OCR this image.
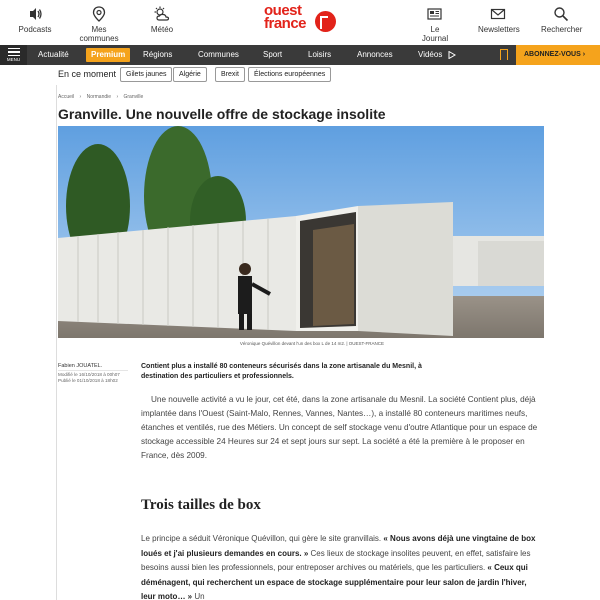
Podcasts	Mes communes
Météo
ouest
france	Le Journal
Newsletters	Rechercher
MENU
Actualité	Premium	Régions	Communes	Sport	Loisirs	Annonces	Vidéos	ABONNEZ-VOUS ›
En ce moment	Gilets jaunes	Algérie	Brexit	Élections européennes
Accueil › Normandie › Granville
Granville. Une nouvelle offre de stockage insolite
Véronique Quévillon devant l'un des box L de 14 m2. | OUEST-FRANCE
Fabien JOUATEL.
Modifié le 16/10/2018 à 00h07
Publié le 01/10/2018 à 18h02

Contient plus a installé 80 conteneurs sécurisés dans la zone artisanale du Mesnil, à destination des particuliers et professionnels.

Une nouvelle activité a vu le jour, cet été, dans la zone artisanale du Mesnil. La société Contient plus, déjà implantée dans l'Ouest (Saint-Malo, Rennes, Vannes, Nantes…), a installé 80 conteneurs maritimes neufs, étanches et ventilés, rue des Métiers. Un concept de self stockage venu d'outre Atlantique pour un espace de stockage accessible 24 Heures sur 24 et sept jours sur sept. La société a été la première à le proposer en France, dès 2009.

Trois tailles de box

Le principe a séduit Véronique Quévillon, qui gère le site granvillais. « Nous avons déjà une vingtaine de box loués et j'ai plusieurs demandes en cours. » Ces lieux de stockage insolites peuvent, en effet, satisfaire les besoins aussi bien les professionnels, pour entreposer archives ou matériels, que les particuliers. « Ceux qui déménagent, qui recherchent un espace de stockage supplémentaire pour leur salon de jardin l'hiver, leur moto… » Un
